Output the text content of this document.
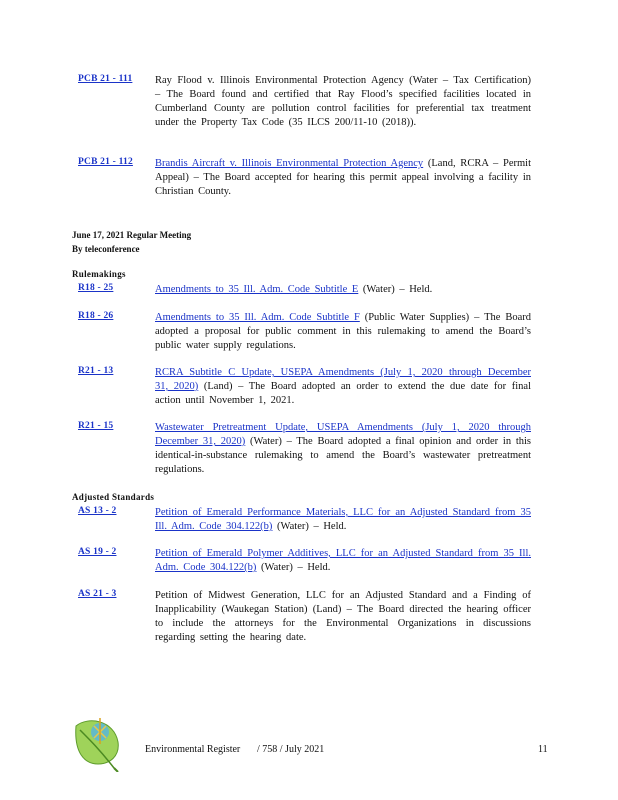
PCB 21 - 111 Ray Flood v. Illinois Environmental Protection Agency (Water – Tax Certification) – The Board found and certified that Ray Flood’s specified facilities located in Cumberland County are pollution control facilities for preferential tax treatment under the Property Tax Code (35 ILCS 200/11-10 (2018)).
PCB 21 - 112 Brandis Aircraft v. Illinois Environmental Protection Agency (Land, RCRA – Permit Appeal) – The Board accepted for hearing this permit appeal involving a facility in Christian County.
June 17, 2021 Regular Meeting
By teleconference
Rulemakings
R18 - 25	Amendments to 35 Ill. Adm. Code Subtitle E (Water) – Held.
R18 - 26	Amendments to 35 Ill. Adm. Code Subtitle F (Public Water Supplies) – The Board adopted a proposal for public comment in this rulemaking to amend the Board’s public water supply regulations.
R21 - 13	RCRA Subtitle C Update, USEPA Amendments (July 1, 2020 through December 31, 2020) (Land) – The Board adopted an order to extend the due date for final action until November 1, 2021.
R21 - 15	Wastewater Pretreatment Update, USEPA Amendments (July 1, 2020 through December 31, 2020) (Water) – The Board adopted a final opinion and order in this identical-in-substance rulemaking to amend the Board’s wastewater pretreatment regulations.
Adjusted Standards
AS 13 - 2	Petition of Emerald Performance Materials, LLC for an Adjusted Standard from 35 Ill. Adm. Code 304.122(b) (Water) – Held.
AS 19 - 2	Petition of Emerald Polymer Additives, LLC for an Adjusted Standard from 35 Ill. Adm. Code 304.122(b) (Water) – Held.
AS 21 - 3	Petition of Midwest Generation, LLC for an Adjusted Standard and a Finding of Inapplicability (Waukegan Station) (Land) – The Board directed the hearing officer to include the attorneys for the Environmental Organizations in discussions regarding setting the hearing date.
Environmental Register / 758 / July 2021	11
